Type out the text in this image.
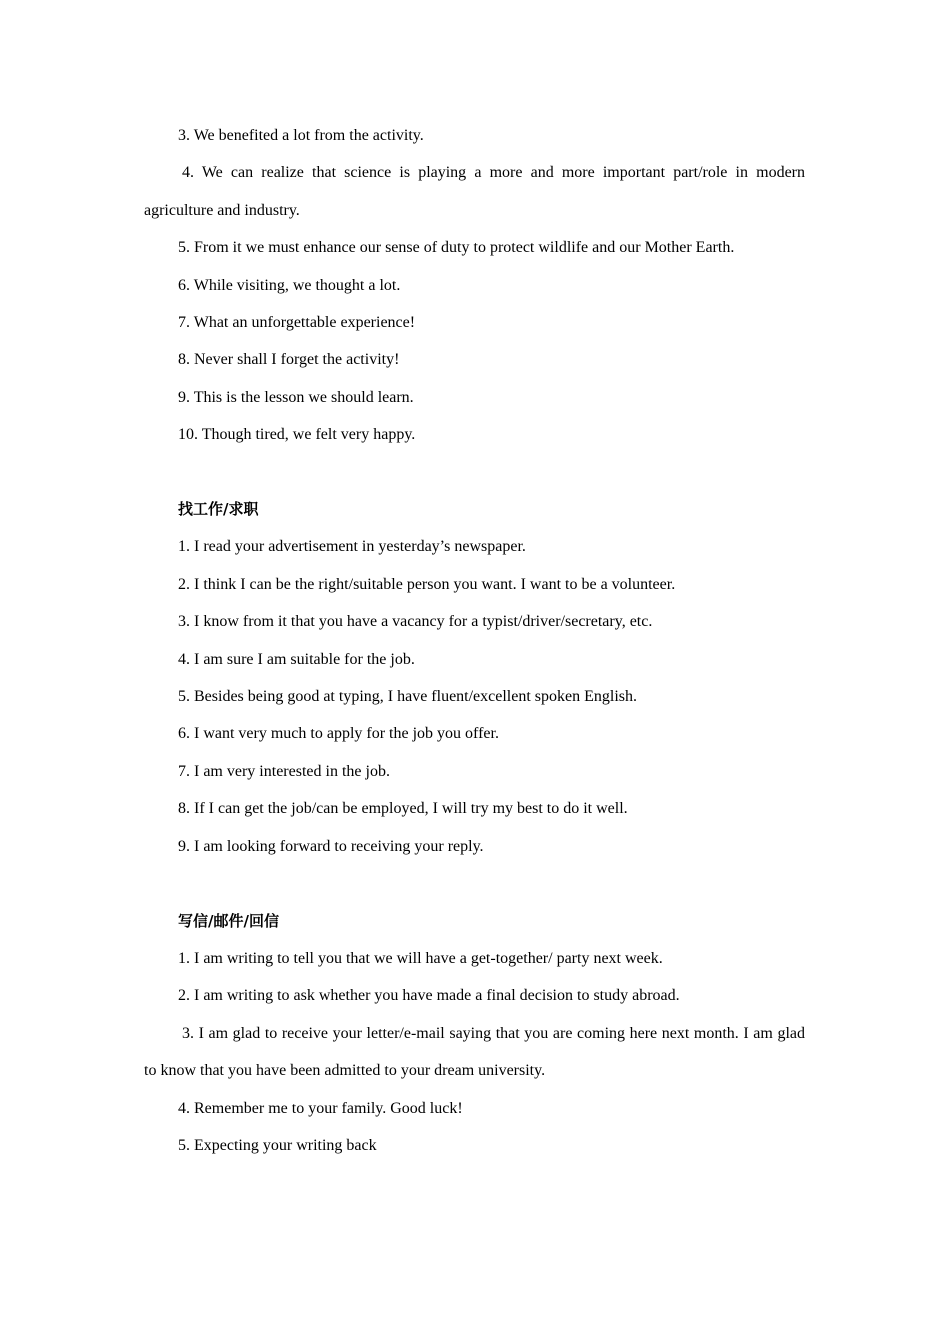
3. We benefited a lot from the activity.

4. We can realize that science is playing a more and more important part/role in modern agriculture and industry.

5. From it we must enhance our sense of duty to protect wildlife and our Mother Earth.

6. While visiting, we thought a lot.

7. What an unforgettable experience!

8. Never shall I forget the activity!

9. This is the lesson we should learn.

10. Though tired, we felt very happy.

找工作/求职

1. I read your advertisement in yesterday’s newspaper.

2. I think I can be the right/suitable person you want. I want to be a volunteer.

3. I know from it that you have a vacancy for a typist/driver/secretary, etc.

4. I am sure I am suitable for the job.

5. Besides being good at typing, I have fluent/excellent spoken English.

6. I want very much to apply for the job you offer.

7. I am very interested in the job.

8. If I can get the job/can be employed, I will try my best to do it well.

9. I am looking forward to receiving your reply.

写信/邮件/回信

1. I am writing to tell you that we will have a get-together/ party next week.

2. I am writing to ask whether you have made a final decision to study abroad.

3. I am glad to receive your letter/e-mail saying that you are coming here next month. I am glad to know that you have been admitted to your dream university.

4. Remember me to your family. Good luck!

5. Expecting your writing back
